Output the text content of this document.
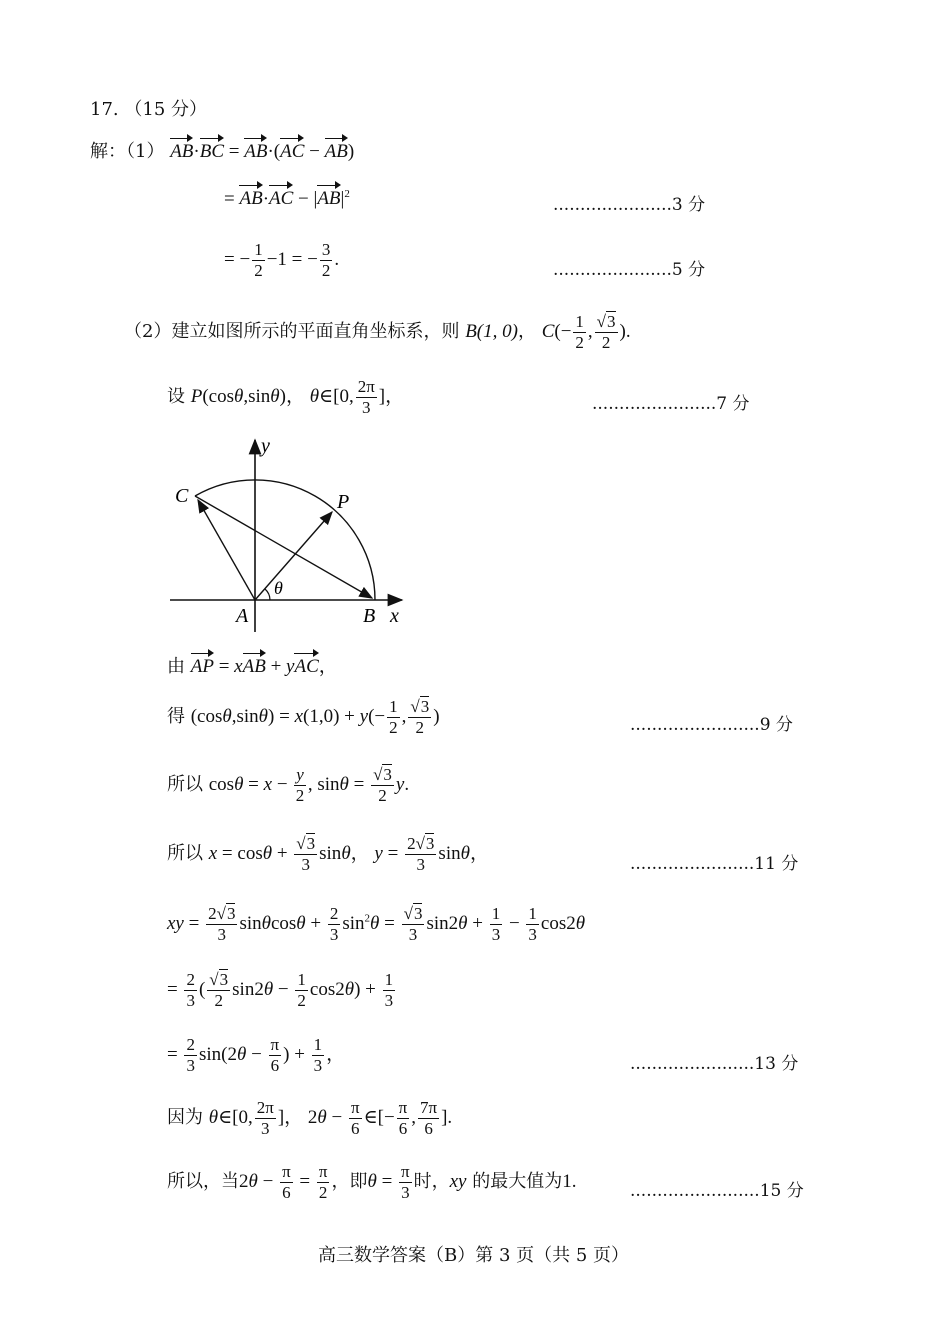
17. （15 分）
解：（1） AB·BC = AB·(AC − AB)
= $AB\cdot AC - |AB|^2$
......................3 分
= − $\frac{1}{2} -1$ = − $\frac{3}{2}$ .
......................5 分
（2）建立如图所示的平面直角坐标系，则 B(1, 0)， $C(- \frac{1}{2}$ , $\frac{√3}{2}$ ).
设 P(cosθ,sinθ)， θ∈[0, $\frac{2\pi}{3}$ ]，	.......................7 分
y
x
A	B
C	P
θ
由 AP = xAB + yAC，
得 $(\cos\theta,\sin\theta) = x(1,0) + y(- \frac{1}{2}$ , $\frac{√3}{2}$ )	........................9 分
所以 $\cos\theta = x - \frac{y}{2}$ , $\sin\theta = \frac{√3}{2} y$.
所以 $x = \cos\theta + \frac{√3}{3}$ sinθ， $y = \frac{2√3}{3}$ sinθ，
.......................11 分
xy = $\frac{2√3}{3}$ $\sin\theta\cos\theta + \frac{2}{3} \sin^2\theta = \frac{√3}{3} \sin 2\theta + \frac{1}{3} - \frac{1}{3} \cos 2\theta$
= $\frac{2}{3}$ ( $\frac{√3}{2} \sin 2\theta - \frac{1}{2} \cos 2\theta) + \frac{1}{3}$
= $\frac{2}{3} \sin(2\theta - \frac{\pi}{6}$ ) + $\frac{1}{3}$ ，	.......................13 分
因为 θ∈[0, $\frac{2\pi}{3}$ ]， $2\theta - \frac{\pi}{6}$ ∈[− $\frac{\pi}{6}$ , $\frac{7\pi}{6}$ ].
所以，当$2\theta - \frac{\pi}{6} = \frac{\pi}{2}$ ，即$\theta = \frac{\pi}{3}$ 时，xy 的最大值为1.	........................15 分
高三数学答案（B）第 3 页（共 5 页）
